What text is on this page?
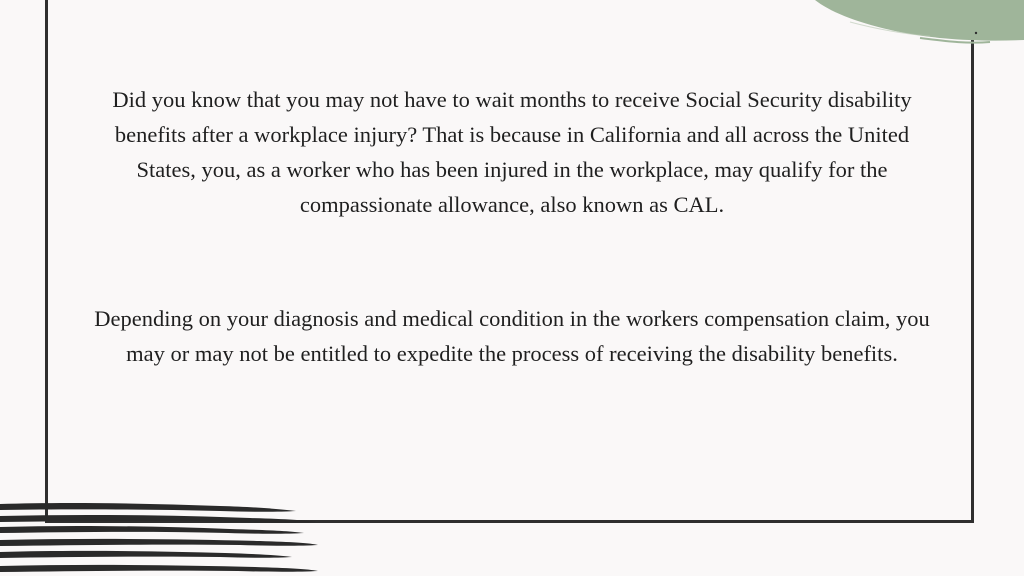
Did you know that you may not have to wait months to receive Social Security disability benefits after a workplace injury? That is because in California and all across the United States, you, as a worker who has been injured in the workplace, may qualify for the compassionate allowance, also known as CAL.

Depending on your diagnosis and medical condition in the workers compensation claim, you may or may not be entitled to expedite the process of receiving the disability benefits.
